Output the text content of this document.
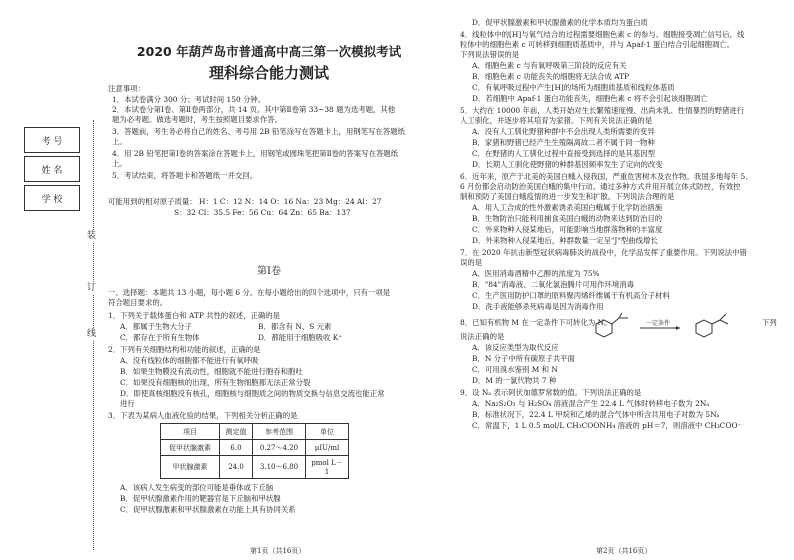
考 号
姓 名
学 校
装
订
线
2020 年葫芦岛市普通高中高三第一次模拟考试
理科综合能力测试
注意事项：
1．本试卷满分 300 分；考试时间 150 分钟。
2．本试卷分第Ⅰ卷、第Ⅱ卷两部分，共 14 页。其中第Ⅱ卷第 33~38 题为选考题，其他
题为必考题。做选考题时，考生按照题目要求作答。
3．答题前，考生务必将自己的姓名、考号用 2B 铅笔涂写在答题卡上，用钢笔写在答题纸
上。
4．用 2B 铅笔把第Ⅰ卷的答案涂在答题卡上，用钢笔或圆珠笔把第Ⅱ卷的答案写在答题纸
上。
5．考试结束，将答题卡和答题纸一并交回。
可能用到的相对原子质量： H：1 C：12 N：14 O：16 Na：23 Mg：24 Al：27
S：32 Cl：35.5 Fe：56 Cu：64 Zn：65 Ba：137
第Ⅰ卷
一、选择题：本题共 13 小题，每小题 6 分。在每小题给出的四个选项中，只有一项是
符合题目要求的。
1．下列关于载体蛋白和 ATP 共性的叙述，正确的是
A．都属于生物大分子	B．都含有 N、S 元素
C．都存在于所有生物体	D．都能用于细胞吸收 K⁺
2．下列有关细胞结构和功能的叙述，正确的是
A．没有线粒体的细胞都不能进行有氧呼吸
B．如果生物膜没有流动性，细胞就不能进行胞吞和胞吐
C．如果没有细胞核的出现，所有生物细胞都无法正常分裂
D．即使真核细胞没有核孔，细胞核与细胞质之间的物质交换与信息交流也能正常
进行
3．下表为某病人血液化验的结果，下列相关分析正确的是
项目	测定值	参考范围	单位
促甲状腺激素	6.0	0.27～4.20	μIU/ml
甲状腺激素	24.0	3.10～6.80	pmol L－1
A．该病人发生病变的部位可能是垂体或下丘脑
B．促甲状腺激素作用的靶器官是下丘脑和甲状腺
C．促甲状腺激素和甲状腺激素在功能上具有协同关系
第1页（共16页）
D．促甲状腺激素和甲状腺激素的化学本质均为蛋白质
4．线粒体中的[H]与氧气结合的过程需要细胞色素 c 的参与。细胞接受凋亡信号后，线
粒体中的细胞色素 c 可转移到细胞质基质中，并与 Apaf-1 蛋白结合引起细胞凋亡。
下列说法错误的是
A．细胞色素 c 与有氧呼吸第三阶段的反应有关
B．细胞色素 c 功能丧失的细胞将无法合成 ATP
C．有氧呼吸过程中产生[H]的场所为细胞质基质和线粒体基质
D．若细胞中 Apaf-1 蛋白功能丧失，细胞色素 c 将不会引起该细胞凋亡
5．大约在 10000 年前，人类开始对生长繁殖速度慢、出尚未乳、性情暴烈的野猪进行
人工驯化，并逐步将其培育为家猪。下列有关说法正确的是
A．没有人工驯化野猪种群中不会出现人类所需要的变异
B．家猪和野猪已经产生生殖隔离故二者不属于同一物种
C．在野猪的人工驯化过程中直接受到选择的是其基因型
D．长期人工驯化使野猪的种群基因频率发生了定向的改变
6．近年来，原产于北美的美国白蛾入侵我国，严重危害树木及农作物。我国多地每年 5、
6 月份都会启动防治美国白蛾的集中行动。通过多种方式并用开展立体式防控，有效控
制和预防了美国白蛾疫情的进一步发生和扩散。下列说法合理的是
A．用人工合成的性外激素诱杀美国白蛾属于化学防治措施
B．生物防治只能利用捕食美国白蛾的动物来达到防治目的
C．外来物种入侵某地后，可能影响当地群落物种的丰富度
D．外来物种入侵某地后，种群数量一定呈"J"型曲线增长
7．在 2020 年抗击新型冠状病毒肺炎的战役中，化学品发挥了重要作用。下列说法中错
误的是
A．医用消毒酒精中乙醇的浓度为 75%
B．"84"消毒液、二氧化氯泡腾片可用作环境消毒
C．生产医用防护口罩的原料聚丙烯纤维属于有机高分子材料
D．洗手液能够杀死病毒是因为消毒作用
8．已知有机物 M 在一定条件下可转化为 N。	一定条件	下列
说法正确的是
A．该反应类型为取代反应
B．N 分子中所有碳原子共平面
C．可用溴水鉴别 M 和 N
D．M 的一氯代物共 7 种
9．设 Nₐ 表示阿伏加德罗常数的值。下列说法正确的是
A．Na₂S₂O₃ 与 H₂SO₄ 溶液混合产生 22.4 L 气体时转移电子数为 2Nₐ
B．标准状况下，22.4 L 甲烷和乙烯的混合气体中所含共用电子对数为 5Nₐ
C．常温下，1 L 0.5 mol/L CH₃COONH₄ 溶液的 pH＝7，则溶液中 CH₃COO⁻
第2页（共16页）
